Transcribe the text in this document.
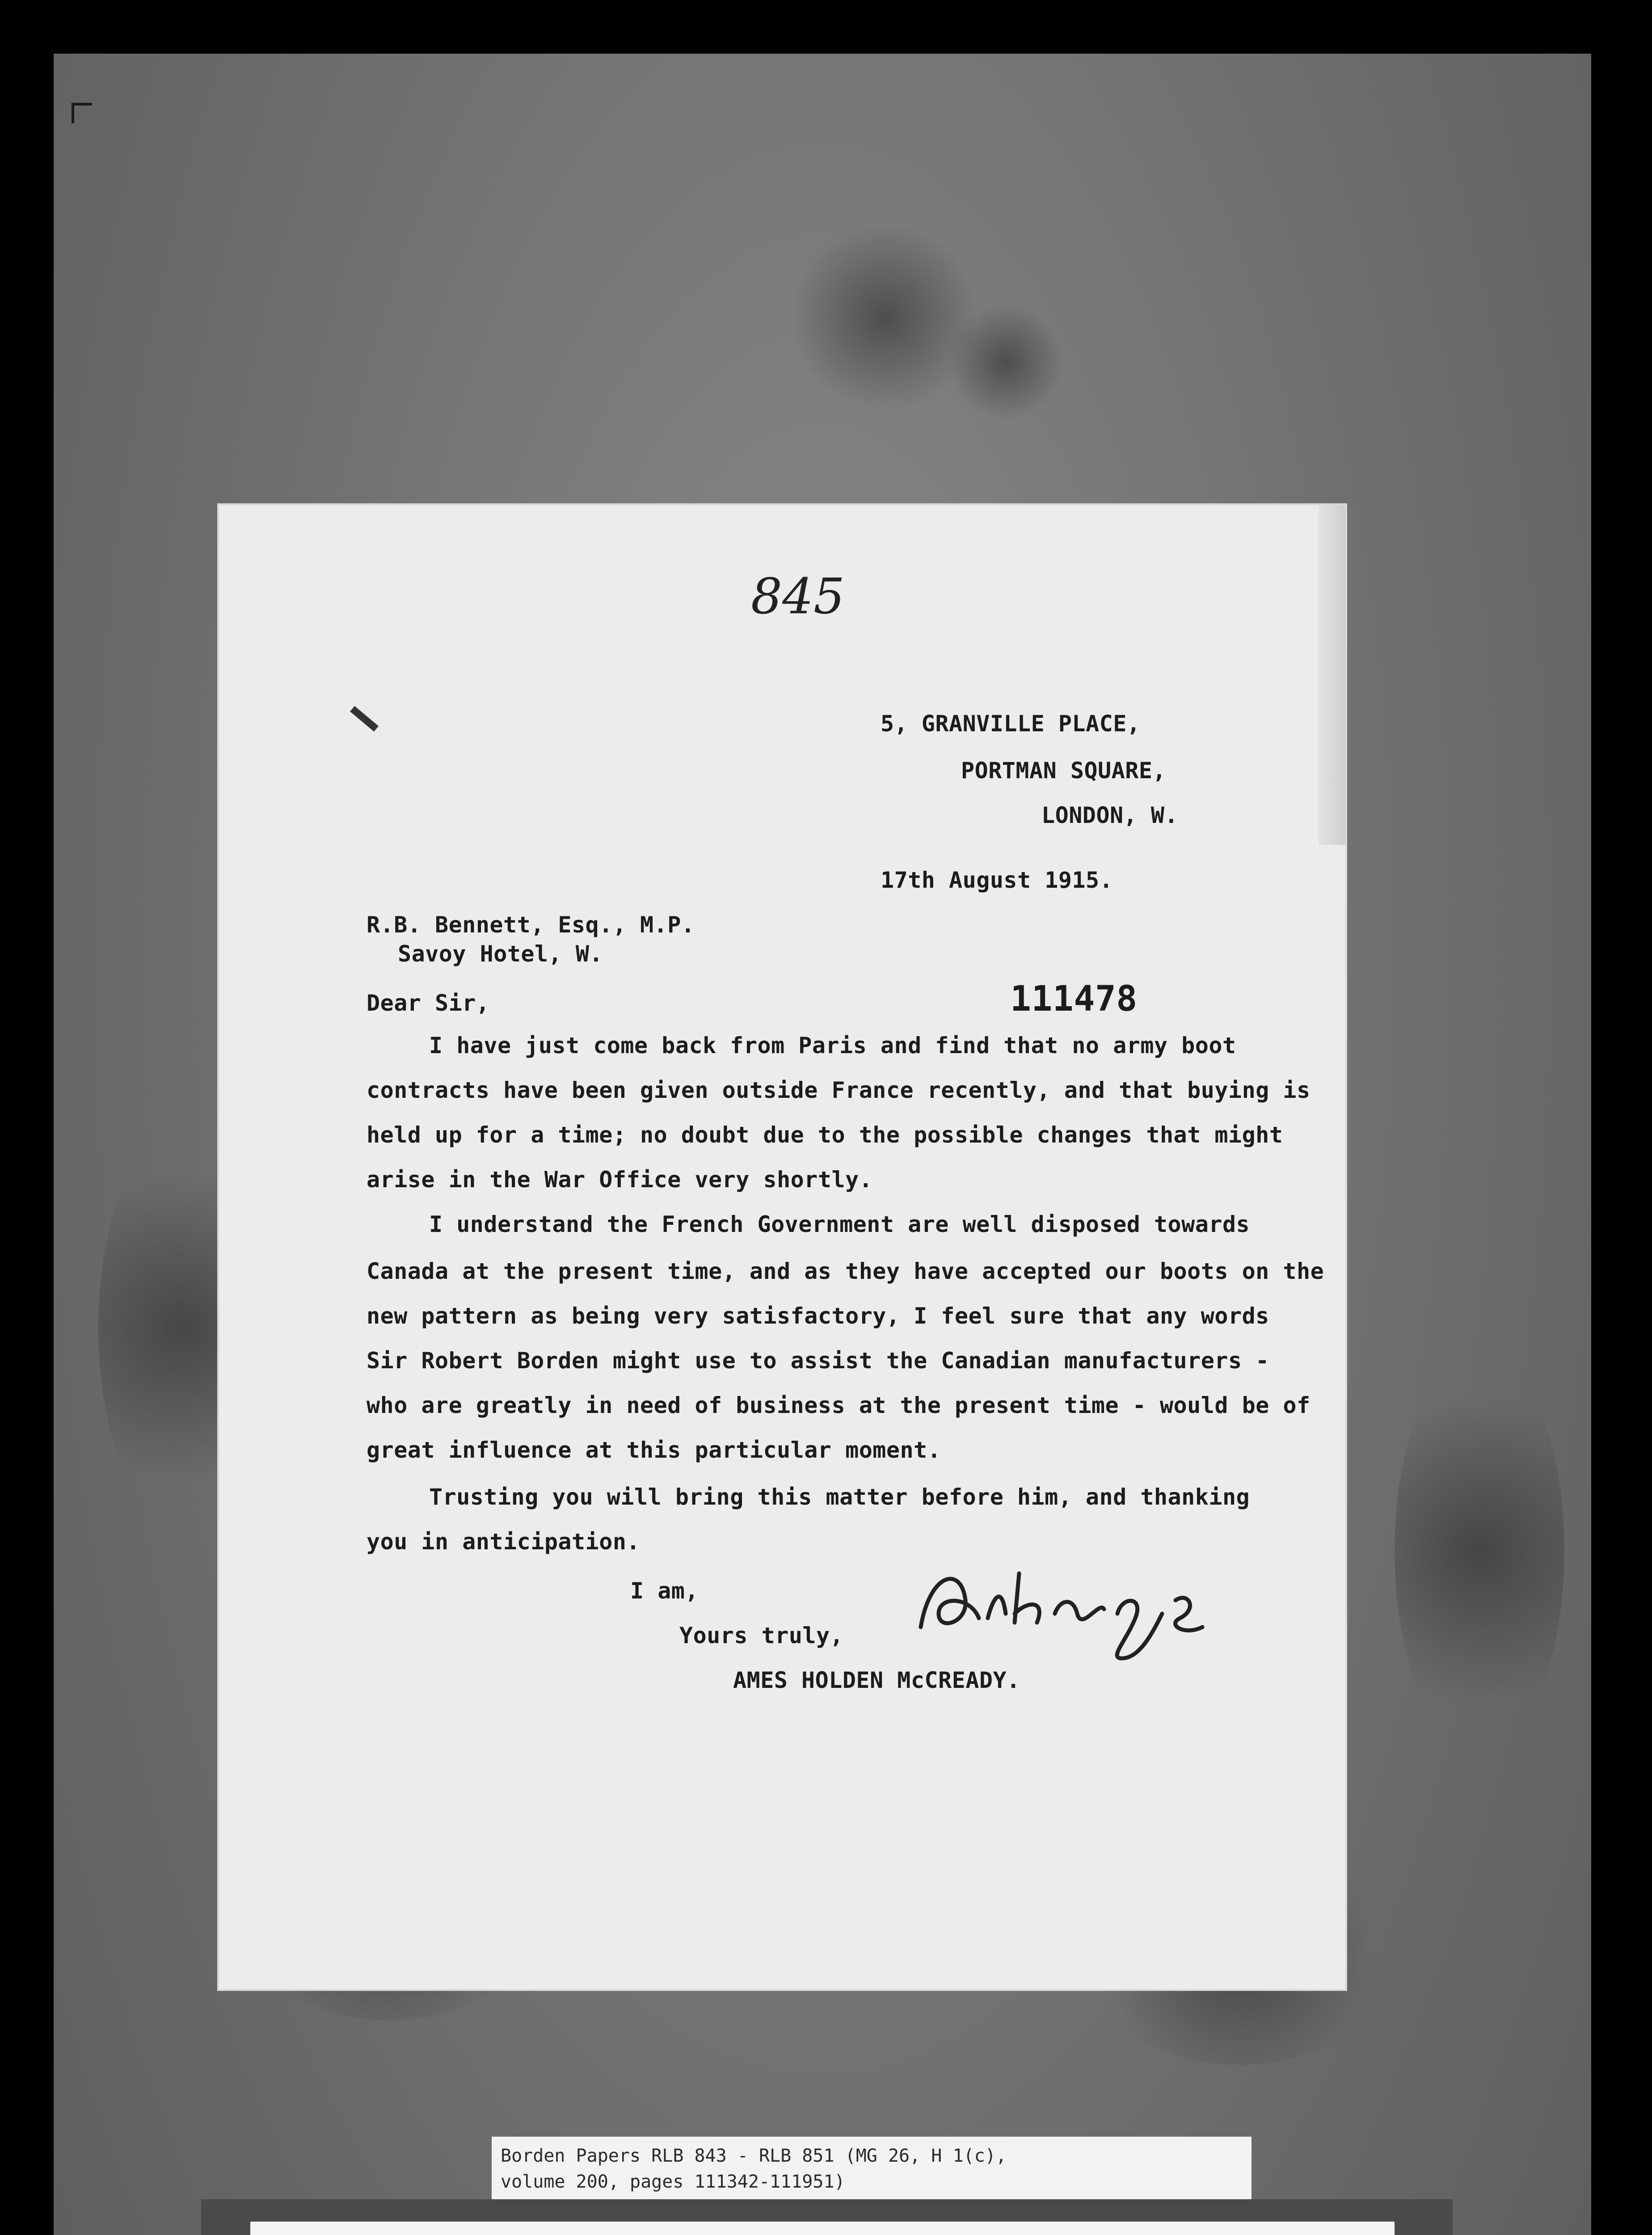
845
5, GRANVILLE PLACE,
PORTMAN SQUARE,
LONDON, W.
17th August 1915.
R.B. Bennett, Esq., M.P.
Savoy Hotel, W.
Dear Sir,	111478
I have just come back from Paris and find that no army boot
contracts have been given outside France recently, and that buying is
held up for a time; no doubt due to the possible changes that might
arise in the War Office very shortly.
I understand the French Government are well disposed towards
Canada at the present time, and as they have accepted our boots on the
new pattern as being very satisfactory, I feel sure that any words
Sir Robert Borden might use to assist the Canadian manufacturers -
who are greatly in need of business at the present time - would be of
great influence at this particular moment.
Trusting you will bring this matter before him, and thanking
you in anticipation.
I am,
Yours truly,
AMES HOLDEN McCREADY.
Borden Papers RLB 843 - RLB 851 (MG 26, H 1(c),
volume 200, pages 111342-111951)
